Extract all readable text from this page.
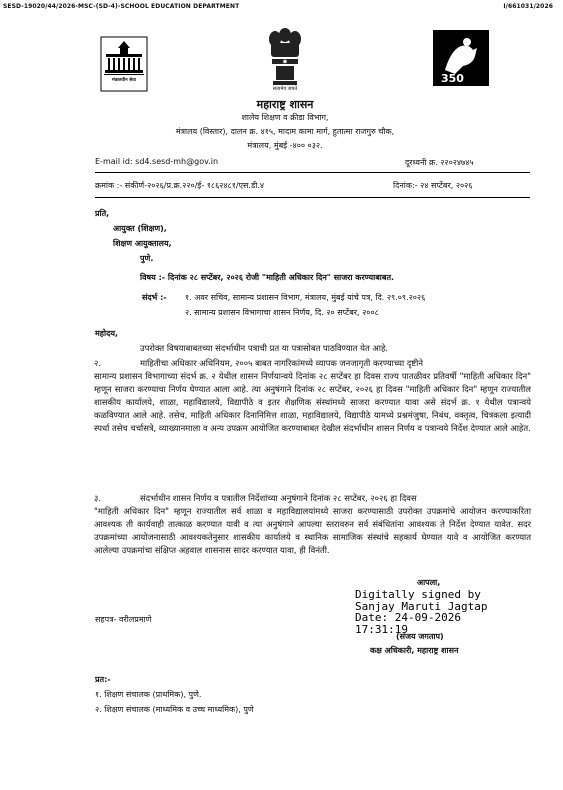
SESD-19020/44/2026-MSC-(SD-4)-SCHOOL EDUCATION DEPARTMENT	I/661031/2026
मंत्रालयीन सेवा
सत्यमेव जयते
350
महाराष्ट्र शासन
शालेय शिक्षण व क्रीडा विभाग,
मंत्रालय (विस्तार), दालन क्र. ४१५, मादाम कामा मार्ग, हुतात्मा राजगुरु चौक,
मंत्रालय, मुंबई -४०० ०३२.
E-mail id: sd4.sesd-mh@gov.in	दूरध्वनी क्र. २२०२४७४५
क्रमांक :- संकीर्ण-२०२६/प्र.क्र.२२०/ई- १८६२४८१/एस.डी.४	दिनांक:- २४ सप्टेंबर, २०२६
प्रति,
आयुक्त (शिक्षण),
शिक्षण आयुक्तालय,
पुणे.
विषय :- दिनांक २८ सप्टेंबर, २०२६ रोजी "माहिती अधिकार दिन" साजरा करण्याबाबत.
संदर्भ :- १. अवर सचिव, सामान्य प्रशासन विभाग, मंत्रालय, मुंबई यांचे पत्र, दि. २९.०९.२०२६
२. सामान्य प्रशासन विभागाचा शासन निर्णय, दि. २० सप्टेंबर, २००८
महोदय,
उपरोक्त विषयाबाबतच्या संदर्भाधीन पत्राची प्रत या पत्रासोबत पाठविण्यात येत आहे.

२.	माहितीचा अधिकार अधिनियम, २००५ बाबत नागरिकांमध्ये व्यापक जनजागृती करण्याच्या दृष्टीने

सामान्य प्रशासन विभागाच्या संदर्भ क्र. २ येथील शासन निर्णयान्वये दिनांक २८ सप्टेंबर हा दिवस राज्य पातळीवर प्रतिवर्षी "माहिती अधिकार दिन" म्हणून साजरा करण्याचा निर्णय घेण्यात आला आहे. त्या अनुषंगाने दिनांक २८ सप्टेंबर, २०२६ हा दिवस "माहिती अधिकार दिन" म्हणून राज्यातील शासकीय कार्यालये, शाळा, महाविद्यालये, विद्यापीठे व इतर शैक्षणिक संस्थांमध्ये साजरा करण्यात यावा असे संदर्भ क्र. १ येथील पत्रान्वये कळविण्यात आले आहे. तसेच, माहिती अधिकार दिनानिमित्त शाळा, महाविद्यालये, विद्यापीठे यामध्ये प्रश्नमंजुषा, निबंध, वक्तृत्व, चित्रकला इत्यादी स्पर्धा तसेच चर्चासत्रे, व्याख्यानमाला व अन्य उपक्रम आयोजित करण्याबाबत देखील संदर्भाधीन शासन निर्णय व पत्रान्वये निर्देश देण्यात आले आहेत.

३.	संदर्भाधीन शासन निर्णय व पत्रातील निर्देशांच्या अनुषंगाने दिनांक २८ सप्टेंबर, २०२६ हा दिवस

"माहिती अधिकार दिन" म्हणून राज्यातील सर्व शाळा व महाविद्यालयांमध्ये साजरा करण्यासाठी उपरोक्त उपक्रमांचे आयोजन करण्याकरिता आवश्यक ती कार्यवाही तात्काळ करण्यात यावी व त्या अनुषंगाने आपल्या स्तरावरुन सर्व संबंधितांना आवश्यक ते निर्देश देण्यात यावेत. सदर उपक्रमांच्या आयोजनासाठी आवश्यकतेनुसार शासकीय कार्यालये व स्थानिक सामाजिक संस्थांचे सहकार्य घेण्यात यावे व आयोजित करण्यात आलेल्या उपक्रमांचा संक्षिप्त अहवाल शासनास सादर करण्यात यावा, ही विनंती.

आपला,
Digitally signed by
Sanjay Maruti Jagtap
Date: 24-09-2026
17:31:19
(संजय जगताप)
कक्ष अधिकारी, महाराष्ट्र शासन
सहपत्र- वरीलप्रमाणे
प्रत:-
१. शिक्षण संचालक (प्राथमिक), पुणे.
२. शिक्षण संचालक (माध्यमिक व उच्च माध्यमिक), पुणे
